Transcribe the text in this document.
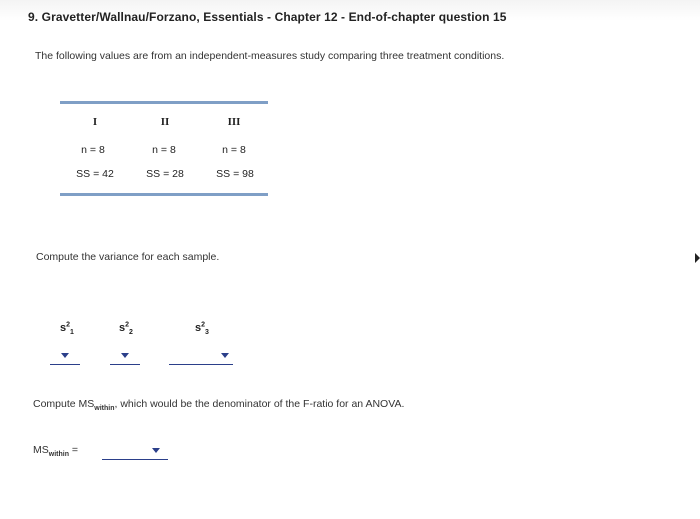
9. Gravetter/Wallnau/Forzano, Essentials - Chapter 12 - End-of-chapter question 15
The following values are from an independent-measures study comparing three treatment conditions.
I	II	III
n = 8	n = 8	n = 8
SS = 42	SS = 28	SS = 98
Compute the variance for each sample.
$s^2_1$	$s^2_2$	$s^2_3$
Compute $MS_{within}$, which would be the denominator of the F-ratio for an ANOVA.
$MS_{within}$ =
